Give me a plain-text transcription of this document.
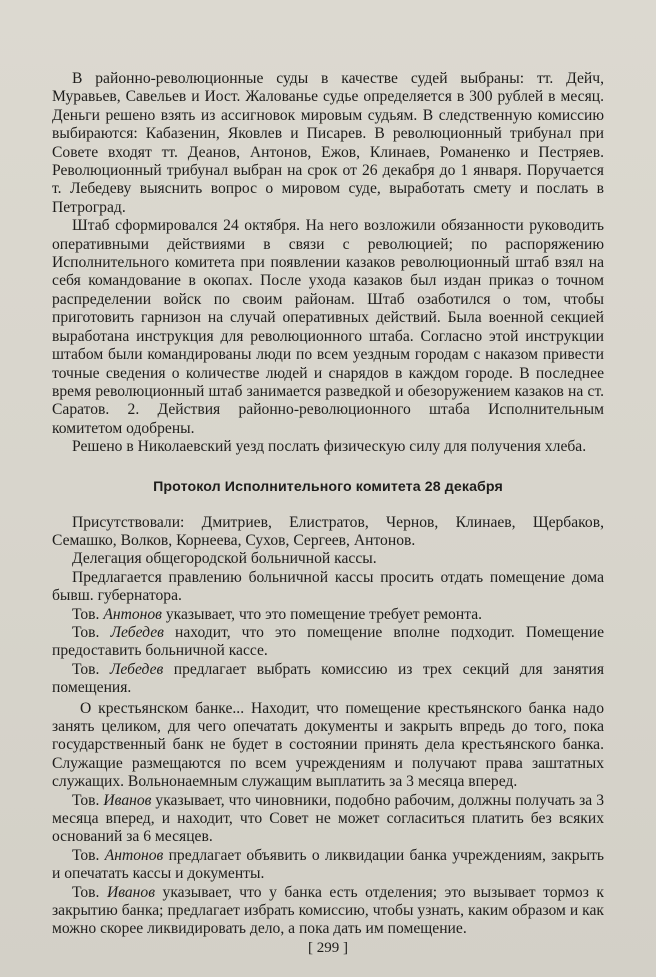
В районно-революционные суды в качестве судей выбраны: тт. Дейч, Муравьев, Савельев и Иост. Жалованье судье определяется в 300 рублей в месяц. Деньги решено взять из ассигновок мировым судьям. В следственную комиссию выбираются: Кабазенин, Яковлев и Писарев. В революционный трибунал при Совете входят тт. Деанов, Антонов, Ежов, Клинаев, Романенко и Пестряев. Революционный трибунал выбран на срок от 26 декабря до 1 января. Поручается т. Лебедеву выяснить вопрос о мировом суде, выработать смету и послать в Петроград.

Штаб сформировался 24 октября. На него возложили обязанности руководить оперативными действиями в связи с революцией; по распоряжению Исполнительного комитета при появлении казаков революционный штаб взял на себя командование в окопах. После ухода казаков был издан приказ о точном распределении войск по своим районам. Штаб озаботился о том, чтобы приготовить гарнизон на случай оперативных действий. Была военной секцией выработана инструкция для революционного штаба. Согласно этой инструкции штабом были командированы люди по всем уездным городам с наказом привести точные сведения о количестве людей и снарядов в каждом городе. В последнее время революционный штаб занимается разведкой и обезоружением казаков на ст. Саратов. 2. Действия районно-революционного штаба Исполнительным комитетом одобрены.

Решено в Николаевский уезд послать физическую силу для получения хлеба.

Протокол Исполнительного комитета 28 декабря

Присутствовали: Дмитриев, Елистратов, Чернов, Клинаев, Щербаков, Семашко, Волков, Корнеева, Сухов, Сергеев, Антонов.

Делегация общегородской больничной кассы.

Предлагается правлению больничной кассы просить отдать помещение дома бывш. губернатора.

Тов. Антонов указывает, что это помещение требует ремонта.

Тов. Лебедев находит, что это помещение вполне подходит. Помещение предоставить больничной кассе.

Тов. Лебедев предлагает выбрать комиссию из трех секций для занятия помещения.

О крестьянском банке... Находит, что помещение крестьянского банка надо занять целиком, для чего опечатать документы и закрыть впредь до того, пока государственный банк не будет в состоянии принять дела крестьянского банка. Служащие размещаются по всем учреждениям и получают права заштатных служащих. Вольнонаемным служащим выплатить за 3 месяца вперед.

Тов. Иванов указывает, что чиновники, подобно рабочим, должны получать за 3 месяца вперед, и находит, что Совет не может согласиться платить без всяких оснований за 6 месяцев.

Тов. Антонов предлагает объявить о ликвидации банка учреждениям, закрыть и опечатать кассы и документы.

Тов. Иванов указывает, что у банка есть отделения; это вызывает тормоз к закрытию банка; предлагает избрать комиссию, чтобы узнать, каким образом и как можно скорее ликвидировать дело, а пока дать им помещение.

[ 299 ]
